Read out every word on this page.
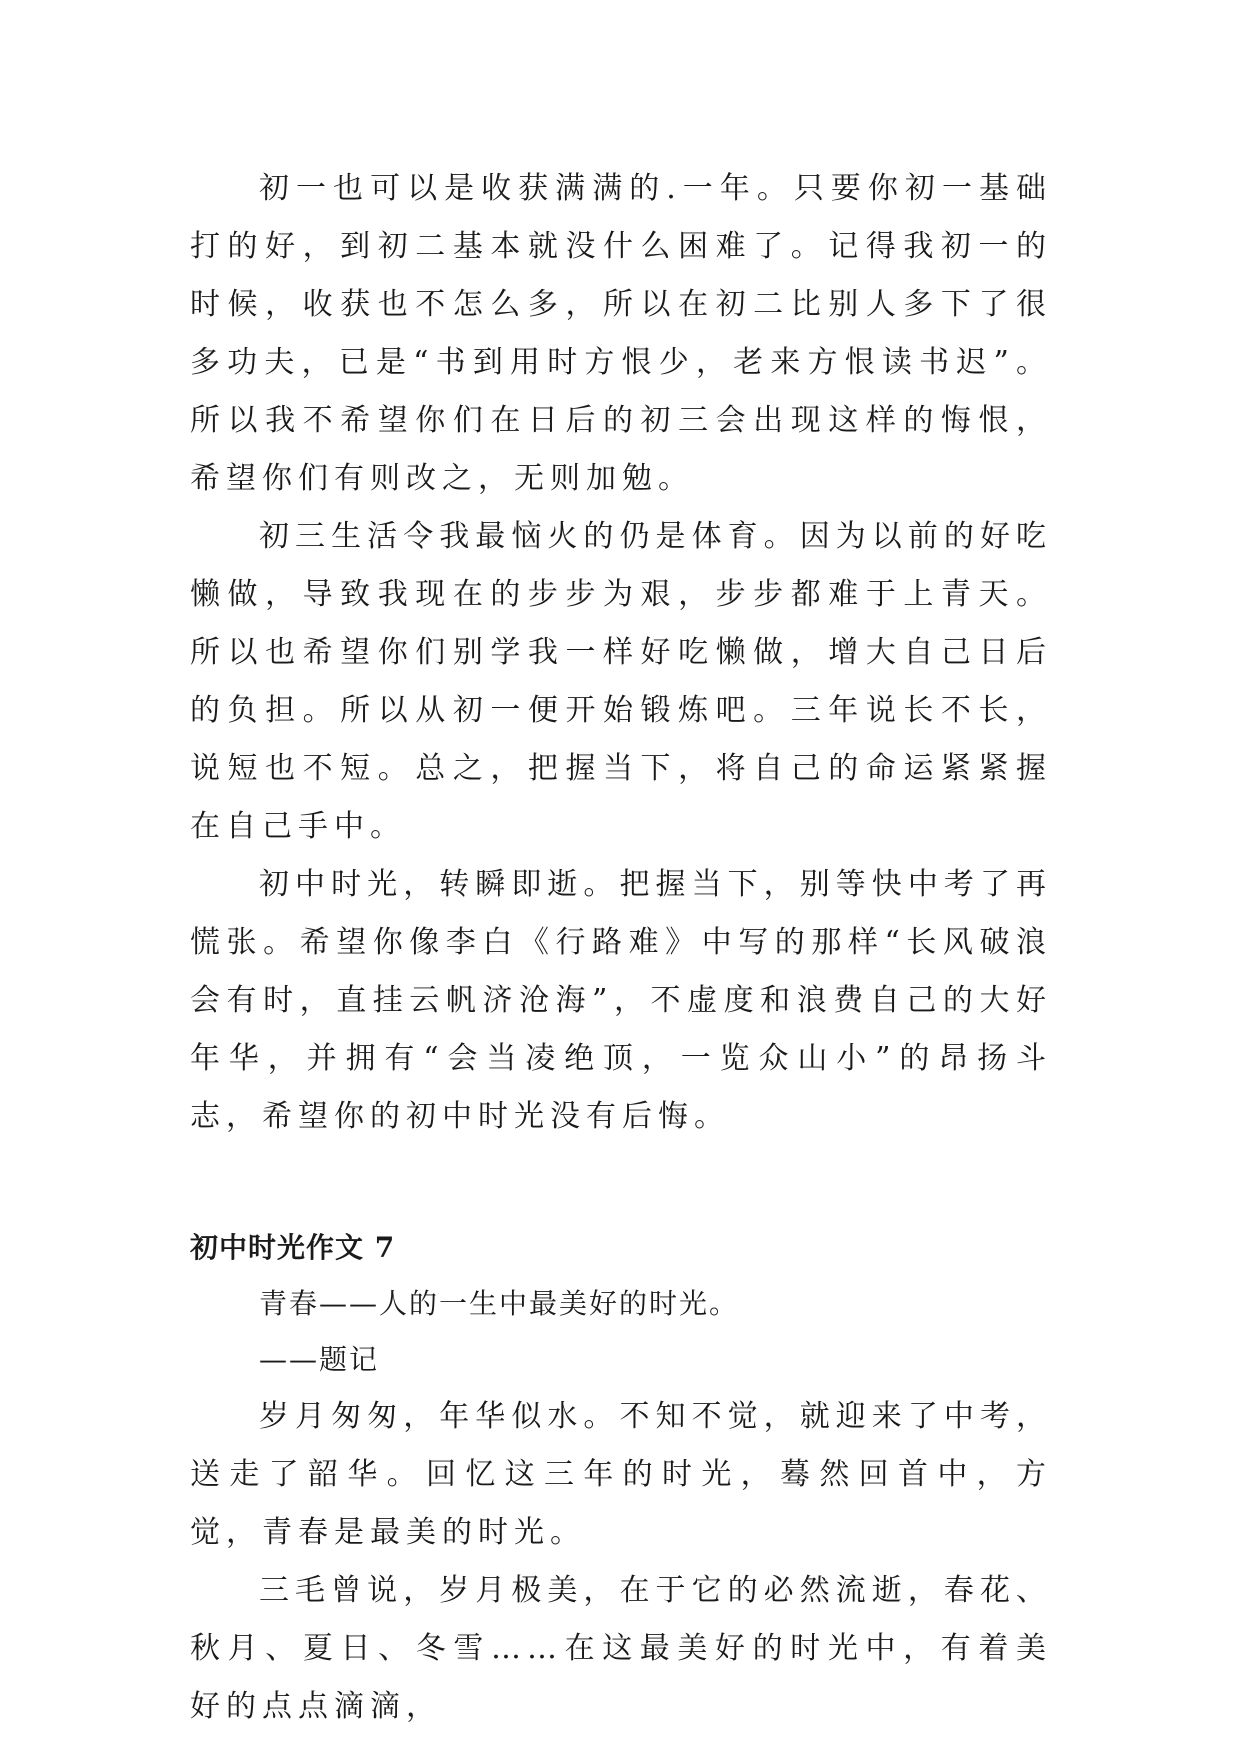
初一也可以是收获满满的.一年。只要你初一基础打的好，到初二基本就没什么困难了。记得我初一的时候，收获也不怎么多，所以在初二比别人多下了很多功夫，已是“书到用时方恨少，老来方恨读书迟”。所以我不希望你们在日后的初三会出现这样的悔恨，希望你们有则改之，无则加勉。

初三生活令我最恼火的仍是体育。因为以前的好吃懒做，导致我现在的步步为艰，步步都难于上青天。所以也希望你们别学我一样好吃懒做，增大自己日后的负担。所以从初一便开始锻炼吧。三年说长不长，说短也不短。总之，把握当下，将自己的命运紧紧握在自己手中。

初中时光，转瞬即逝。把握当下，别等快中考了再慌张。希望你像李白《行路难》中写的那样“长风破浪会有时，直挂云帆济沧海”，不虚度和浪费自己的大好年华，并拥有“会当凌绝顶，一览众山小”的昂扬斗志，希望你的初中时光没有后悔。

初中时光作文 7

青春——人的一生中最美好的时光。

——题记

岁月匆匆，年华似水。不知不觉，就迎来了中考，送走了韶华。回忆这三年的时光，蓦然回首中，方觉，青春是最美的时光。

三毛曾说，岁月极美，在于它的必然流逝，春花、秋月、夏日、冬雪……在这最美好的时光中，有着美好的点点滴滴，
